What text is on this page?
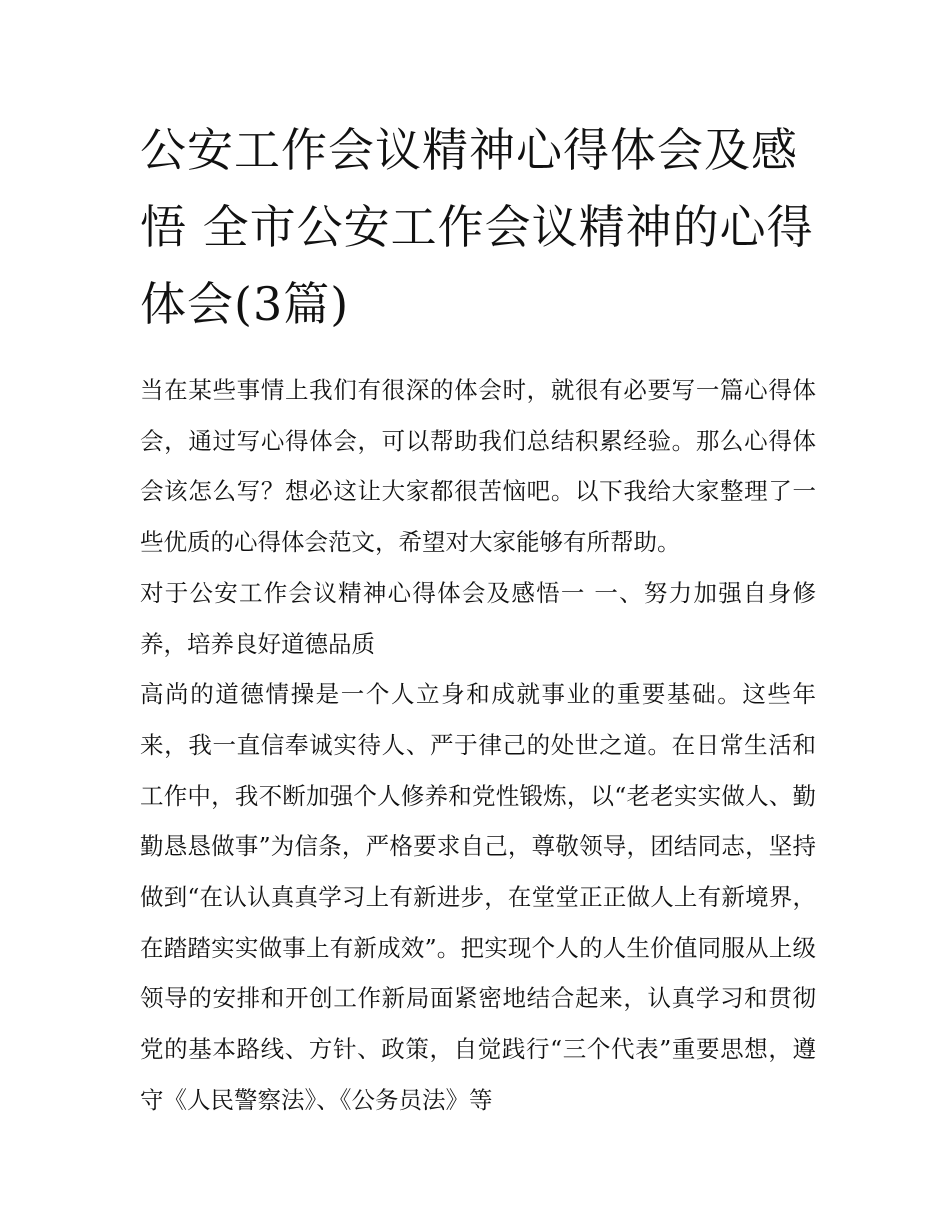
公安工作会议精神心得体会及感悟 全市公安工作会议精神的心得体会(3篇)

当在某些事情上我们有很深的体会时，就很有必要写一篇心得体会，通过写心得体会，可以帮助我们总结积累经验。那么心得体会该怎么写？想必这让大家都很苦恼吧。以下我给大家整理了一些优质的心得体会范文，希望对大家能够有所帮助。

对于公安工作会议精神心得体会及感悟一 一、努力加强自身修养，培养良好道德品质

高尚的道德情操是一个人立身和成就事业的重要基础。这些年来，我一直信奉诚实待人、严于律己的处世之道。在日常生活和工作中，我不断加强个人修养和党性锻炼，以“老老实实做人、勤勤恳恳做事”为信条，严格要求自己，尊敬领导，团结同志，坚持做到“在认认真真学习上有新进步，在堂堂正正做人上有新境界，在踏踏实实做事上有新成效”。把实现个人的人生价值同服从上级领导的安排和开创工作新局面紧密地结合起来，认真学习和贯彻党的基本路线、方针、政策，自觉践行“三个代表”重要思想，遵守《人民警察法》、《公务员法》等
